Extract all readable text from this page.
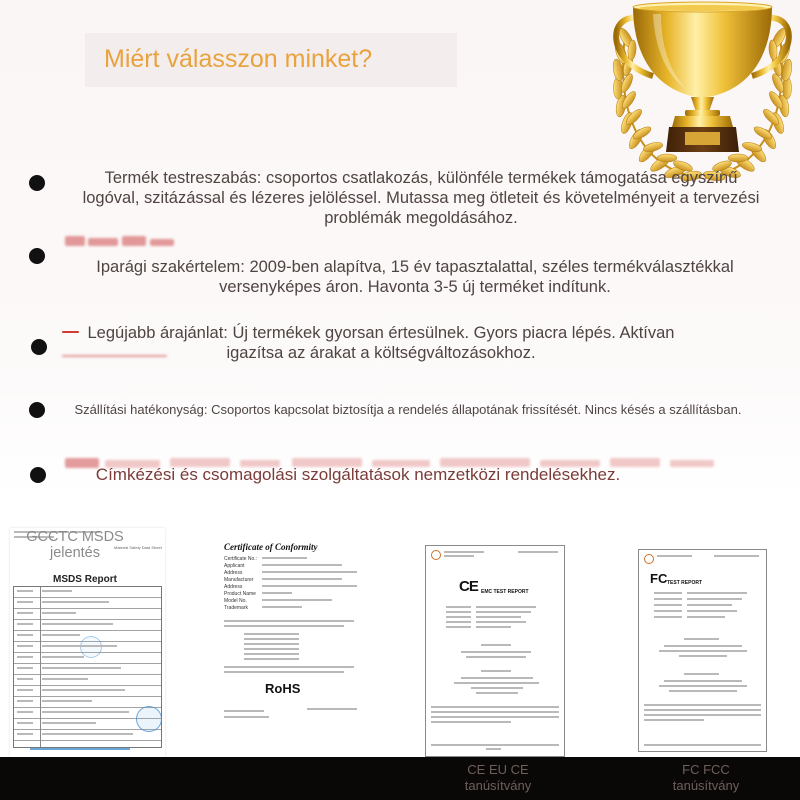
Miért válasszon minket?
Termék testreszabás: csoportos csatlakozás, különféle termékek támogatása egyszínű
logóval, szitázással és lézeres jelöléssel. Mutassa meg ötleteit és követelményeit a tervezési
problémák megoldásához.
Iparági szakértelem: 2009-ben alapítva, 15 év tapasztalattal, széles termékválasztékkal
versenyképes áron. Havonta 3-5 új terméket indítunk.
Legújabb árajánlat: Új termékek gyorsan értesülnek. Gyors piacra lépés. Aktívan
igazítsa az árakat a költségváltozásokhoz.
Szállítási hatékonyság: Csoportos kapcsolat biztosítja a rendelés állapotának frissítését. Nincs késés a szállításban.
Címkézési és csomagolási szolgáltatások nemzetközi rendelésekhez.
Material Safety Data Sheet
MSDS Report
GCCTC MSDS
jelentés	Certificate of Conformity
Certificate No.:
Applicant
Address
Manufacturer
Address
Product Name
Model No.
Trademark
RoHS
CE EMC TEST REPORT
FC TEST REPORT
CE EU CE
tanúsítvány
FC FCC
tanúsítvány
